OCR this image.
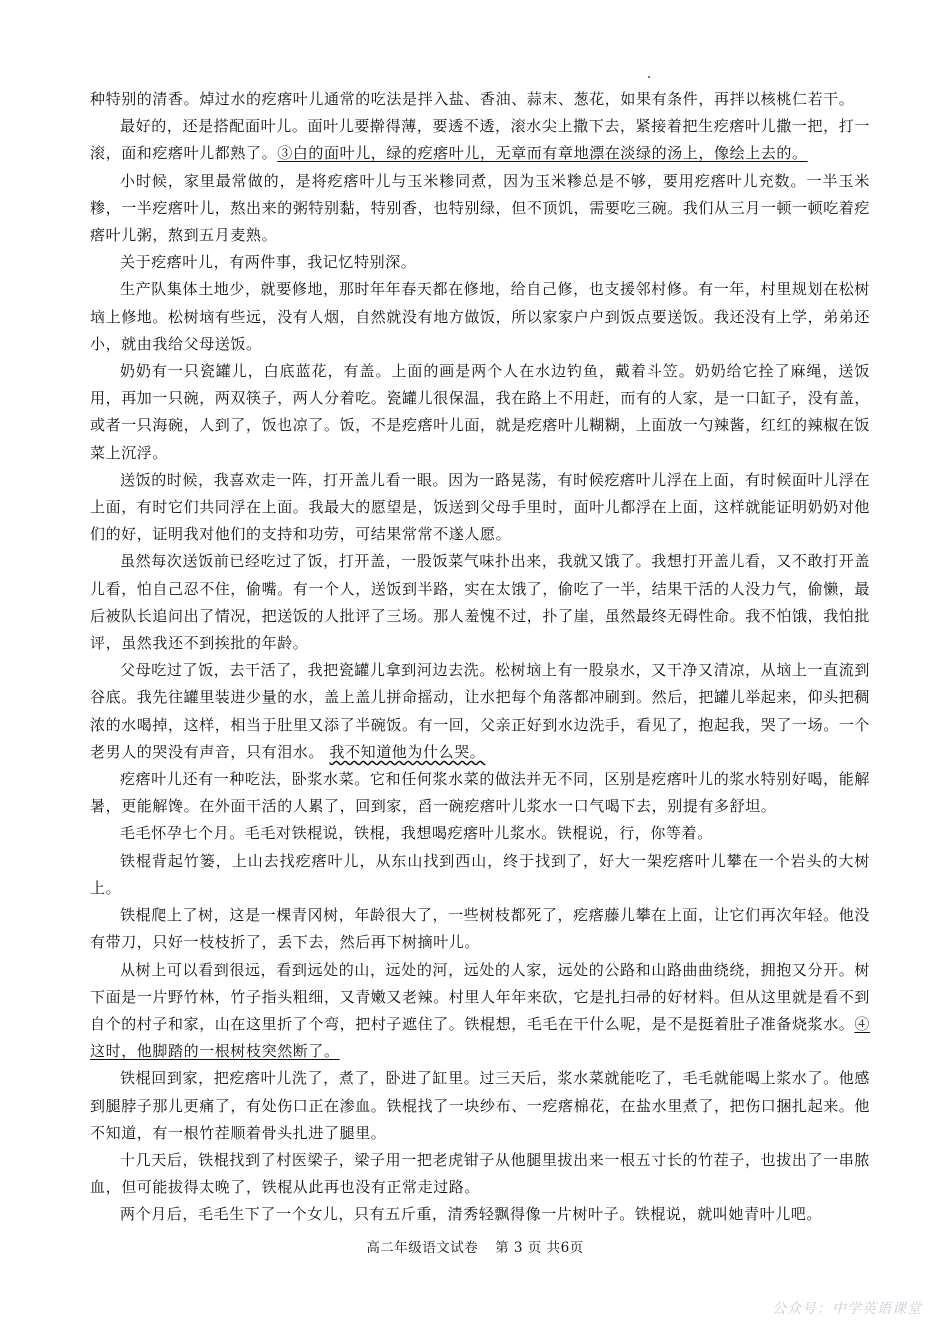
种特别的清香。焯过水的疙瘩叶儿通常的吃法是拌入盐、香油、蒜末、葱花，如果有条件，再拌以核桃仁若干。

最好的，还是搭配面叶儿。面叶儿要擀得薄，要透不透，滚水尖上撒下去，紧接着把生疙瘩叶儿撒一把，打一滚，面和疙瘩叶儿都熟了。③白的面叶儿，绿的疙瘩叶儿，无章而有章地漂在淡绿的汤上，像绘上去的。

小时候，家里最常做的，是将疙瘩叶儿与玉米糁同煮，因为玉米糁总是不够，要用疙瘩叶儿充数。一半玉米糁，一半疙瘩叶儿，熬出来的粥特别黏，特别香，也特别绿，但不顶饥，需要吃三碗。我们从三月一顿一顿吃着疙瘩叶儿粥，熬到五月麦熟。

关于疙瘩叶儿，有两件事，我记忆特别深。

生产队集体土地少，就要修地，那时年年春天都在修地，给自己修，也支援邻村修。有一年，村里规划在松树垴上修地。松树垴有些远，没有人烟，自然就没有地方做饭，所以家家户户到饭点要送饭。我还没有上学，弟弟还小，就由我给父母送饭。

奶奶有一只瓷罐儿，白底蓝花，有盖。上面的画是两个人在水边钓鱼，戴着斗笠。奶奶给它拴了麻绳，送饭用，再加一只碗，两双筷子，两人分着吃。瓷罐儿很保温，我在路上不用赶，而有的人家，是一口缸子，没有盖，或者一只海碗，人到了，饭也凉了。饭，不是疙瘩叶儿面，就是疙瘩叶儿糊糊，上面放一勺辣酱，红红的辣椒在饭菜上沉浮。

送饭的时候，我喜欢走一阵，打开盖儿看一眼。因为一路晃荡，有时候疙瘩叶儿浮在上面，有时候面叶儿浮在上面，有时它们共同浮在上面。我最大的愿望是，饭送到父母手里时，面叶儿都浮在上面，这样就能证明奶奶对他们的好，证明我对他们的支持和功劳，可结果常常不遂人愿。

虽然每次送饭前已经吃过了饭，打开盖，一股饭菜气味扑出来，我就又饿了。我想打开盖儿看，又不敢打开盖儿看，怕自己忍不住，偷嘴。有一个人，送饭到半路，实在太饿了，偷吃了一半，结果干活的人没力气，偷懒，最后被队长追问出了情况，把送饭的人批评了三场。那人羞愧不过，扑了崖，虽然最终无碍性命。我不怕饿，我怕批评，虽然我还不到挨批的年龄。

父母吃过了饭，去干活了，我把瓷罐儿拿到河边去洗。松树垴上有一股泉水，又干净又清凉，从垴上一直流到谷底。我先往罐里装进少量的水，盖上盖儿拼命摇动，让水把每个角落都冲刷到。然后，把罐儿举起来，仰头把稠浓的水喝掉，这样，相当于肚里又添了半碗饭。有一回，父亲正好到水边洗手，看见了，抱起我，哭了一场。一个老男人的哭没有声音，只有泪水。 我不知道他为什么哭。

疙瘩叶儿还有一种吃法，卧浆水菜。它和任何浆水菜的做法并无不同，区别是疙瘩叶儿的浆水特别好喝，能解暑，更能解馋。在外面干活的人累了，回到家，舀一碗疙瘩叶儿浆水一口气喝下去，别提有多舒坦。

毛毛怀孕七个月。毛毛对铁棍说，铁棍，我想喝疙瘩叶儿浆水。铁棍说，行，你等着。

铁棍背起竹篓，上山去找疙瘩叶儿，从东山找到西山，终于找到了，好大一架疙瘩叶儿攀在一个岩头的大树上。

铁棍爬上了树，这是一棵青冈树，年龄很大了，一些树枝都死了，疙瘩藤儿攀在上面，让它们再次年轻。他没有带刀，只好一枝枝折了，丢下去，然后再下树摘叶儿。

从树上可以看到很远，看到远处的山，远处的河，远处的人家，远处的公路和山路曲曲绕绕，拥抱又分开。树下面是一片野竹林，竹子指头粗细，又青嫩又老辣。村里人年年来砍，它是扎扫帚的好材料。但从这里就是看不到自个的村子和家，山在这里折了个弯，把村子遮住了。铁棍想，毛毛在干什么呢，是不是挺着肚子准备烧浆水。④这时，他脚踏的一根树枝突然断了。

铁棍回到家，把疙瘩叶儿洗了，煮了，卧进了缸里。过三天后，浆水菜就能吃了，毛毛就能喝上浆水了。他感到腿脖子那儿更痛了，有处伤口正在渗血。铁棍找了一块纱布、一疙瘩棉花，在盐水里煮了，把伤口捆扎起来。他不知道，有一根竹茬顺着骨头扎进了腿里。

十几天后，铁棍找到了村医梁子，梁子用一把老虎钳子从他腿里拔出来一根五寸长的竹茬子，也拔出了一串脓血，但可能拔得太晚了，铁棍从此再也没有正常走过路。

两个月后，毛毛生下了一个女儿，只有五斤重，清秀轻飘得像一片树叶子。铁棍说，就叫她青叶儿吧。

高二年级语文试卷 第 3 页 共6页
公众号：中学英语课堂
